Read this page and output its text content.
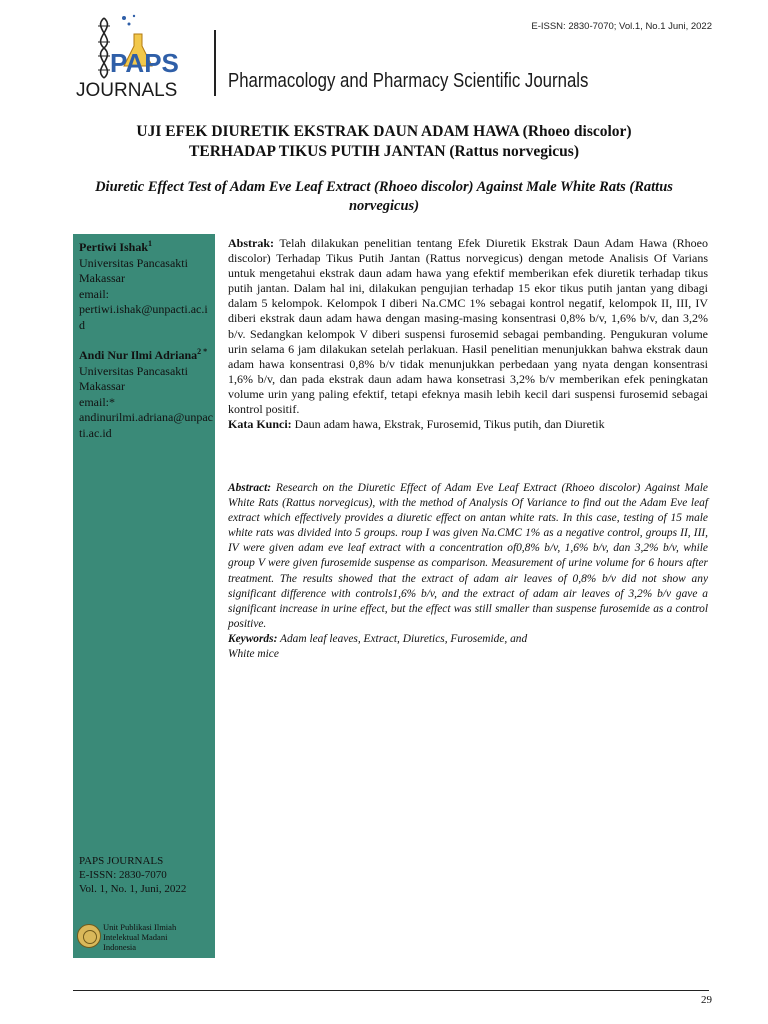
E-ISSN: 2830-7070; Vol.1, No.1 Juni, 2022
PAPS
JOURNALS	Pharmacology and Pharmacy Scientific Journals
UJI EFEK DIURETIK EKSTRAK DAUN ADAM HAWA (Rhoeo discolor)
TERHADAP TIKUS PUTIH JANTAN (Rattus norvegicus)
Diuretic Effect Test of Adam Eve Leaf Extract (Rhoeo discolor) Against Male White Rats (Rattus norvegicus)
Pertiwi Ishak$^1$
Universitas Pancasakti Makassar
email:
pertiwi.ishak@unpacti.ac.id
Andi Nur Ilmi Adriana$^{2 *}$
Universitas Pancasakti Makassar
email:*
andinurilmi.adriana@unpacti.ac.id
PAPS JOURNALS
E-ISSN: 2830-7070
Vol. 1, No. 1, Juni, 2022
Unit Publikasi Ilmiah
Intelektual Madani
Indonesia
Abstrak: Telah dilakukan penelitian tentang Efek Diuretik Ekstrak Daun Adam Hawa (Rhoeo discolor) Terhadap Tikus Putih Jantan (Rattus norvegicus) dengan metode Analisis Of Varians untuk mengetahui ekstrak daun adam hawa yang efektif memberikan efek diuretik terhadap tikus putih jantan. Dalam hal ini, dilakukan pengujian terhadap 15 ekor tikus putih jantan yang dibagi dalam 5 kelompok. Kelompok I diberi Na.CMC 1% sebagai kontrol negatif, kelompok II, III, IV diberi ekstrak daun adam hawa dengan masing-masing konsentrasi 0,8% b/v, 1,6% b/v, dan 3,2% b/v. Sedangkan kelompok V diberi suspensi furosemid sebagai pembanding. Pengukuran volume urin selama 6 jam dilakukan setelah perlakuan. Hasil penelitian menunjukkan bahwa ekstrak daun adam hawa konsentrasi 0,8% b/v tidak menunjukkan perbedaan yang nyata dengan konsentrasi 1,6% b/v, dan pada ekstrak daun adam hawa konsetrasi 3,2% b/v memberikan efek peningkatan volume urin yang paling efektif, tetapi efeknya masih lebih kecil dari suspensi furosemid sebagai kontrol positif.
Kata Kunci: Daun adam hawa, Ekstrak, Furosemid, Tikus putih, dan Diuretik
Abstract: Research on the Diuretic Effect of Adam Eve Leaf Extract (Rhoeo discolor) Against Male White Rats (Rattus norvegicus), with the method of Analysis Of Variance to find out the Adam Eve leaf extract which effectively provides a diuretic effect on antan white rats. In this case, testing of 15 male white rats was divided into 5 groups. roup I was given Na.CMC 1% as a negative control, groups II, III, IV were given adam eve leaf extract with a concentration of0,8% b/v, 1,6% b/v, dan 3,2% b/v, while group V were given furosemide suspense as comparison. Measurement of urine volume for 6 hours after treatment. The results showed that the extract of adam air leaves of 0,8% b/v did not show any significant difference with controls1,6% b/v, and the extract of adam air leaves of 3,2% b/v gave a significant increase in urine effect, but the effect was still smaller than suspense furosemide as a control positive.
Keywords: Adam leaf leaves, Extract, Diuretics, Furosemide, and
White mice
29
